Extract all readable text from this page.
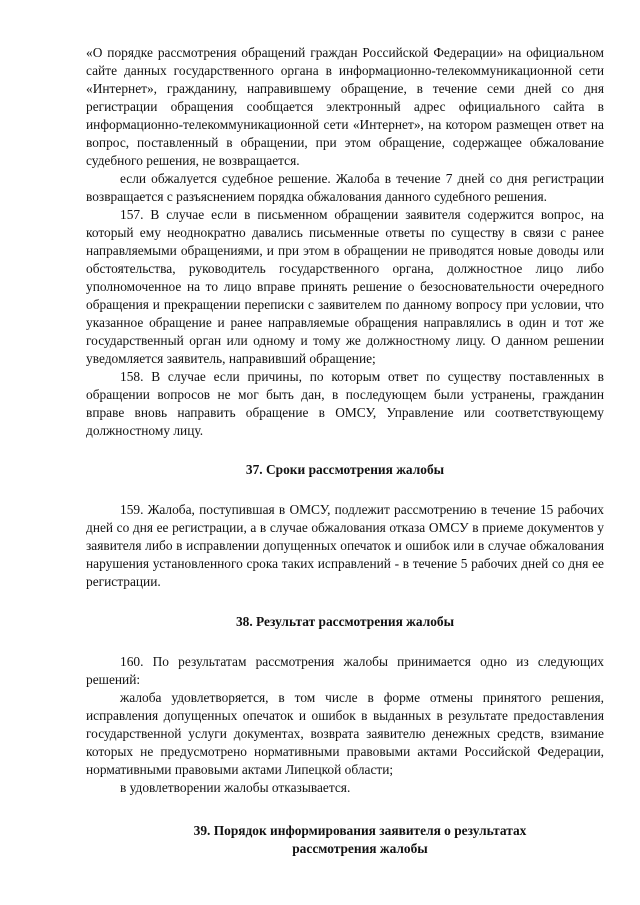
«О порядке рассмотрения обращений граждан Российской Федерации» на официальном сайте данных государственного органа в информационно-телекоммуникационной сети «Интернет», гражданину, направившему обращение, в течение семи дней со дня регистрации обращения сообщается электронный адрес официального сайта в информационно-телекоммуникационной сети «Интернет», на котором размещен ответ на вопрос, поставленный в обращении, при этом обращение, содержащее обжалование судебного решения, не возвращается.

если обжалуется судебное решение. Жалоба в течение 7 дней со дня регистрации возвращается с разъяснением порядка обжалования данного судебного решения.

157. В случае если в письменном обращении заявителя содержится вопрос, на который ему неоднократно давались письменные ответы по существу в связи с ранее направляемыми обращениями, и при этом в обращении не приводятся новые доводы или обстоятельства, руководитель государственного органа, должностное лицо либо уполномоченное на то лицо вправе принять решение о безосновательности очередного обращения и прекращении переписки с заявителем по данному вопросу при условии, что указанное обращение и ранее направляемые обращения направлялись в один и тот же государственный орган или одному и тому же должностному лицу. О данном решении уведомляется заявитель, направивший обращение;

158. В случае если причины, по которым ответ по существу поставленных в обращении вопросов не мог быть дан, в последующем были устранены, гражданин вправе вновь направить обращение в ОМСУ, Управление или соответствующему должностному лицу.

37. Сроки рассмотрения жалобы

159. Жалоба, поступившая в ОМСУ, подлежит рассмотрению в течение 15 рабочих дней со дня ее регистрации, а в случае обжалования отказа ОМСУ в приеме документов у заявителя либо в исправлении допущенных опечаток и ошибок или в случае обжалования нарушения установленного срока таких исправлений - в течение 5 рабочих дней со дня ее регистрации.

38. Результат рассмотрения жалобы

160. По результатам рассмотрения жалобы принимается одно из следующих решений:

жалоба удовлетворяется, в том числе в форме отмены принятого решения, исправления допущенных опечаток и ошибок в выданных в результате предоставления государственной услуги документах, возврата заявителю денежных средств, взимание которых не предусмотрено нормативными правовыми актами Российской Федерации, нормативными правовыми актами Липецкой области;

в удовлетворении жалобы отказывается.

39. Порядок информирования заявителя о результатах
рассмотрения жалобы
